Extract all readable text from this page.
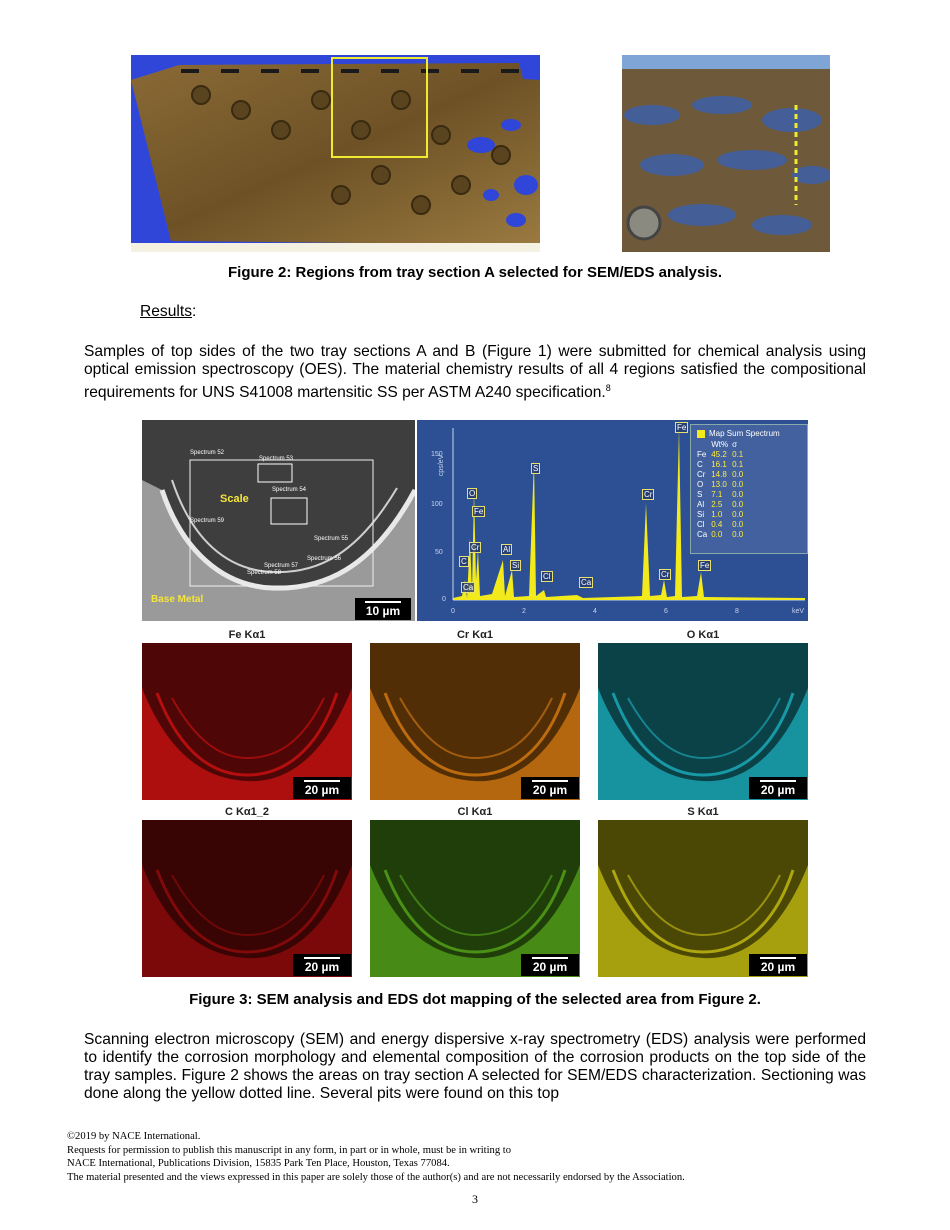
Figure 2: Regions from tray section A selected for SEM/EDS analysis.
Results:
Samples of top sides of the two tray sections A and B (Figure 1) were submitted for chemical analysis using optical emission spectroscopy (OES). The material chemistry results of all 4 regions satisfied the compositional requirements for UNS S41008 martensitic SS per ASTM A240 specification.$^8$
Spectrum 52
Spectrum 53
Spectrum 54
Spectrum 55
Spectrum 56
Spectrum 57
Spectrum 58
Spectrum 59
Scale
Base Metal
10 µm
cps/eV
150
100
50
0
0	2	4	6	8	keV
O
Fe
Cr
C
Ca
Al
Si
S
Cl
Ca
Cr
Cr
Fe
Fe
Map Sum Spectrum
	Wt%	σ
Fe	45.2	0.1
C	16.1	0.1
Cr	14.8	0.0
O	13.0	0.0
S	7.1	0.0
Al	2.5	0.0
Si	1.0	0.0
Cl	0.4	0.0
Ca	0.0	0.0
Fe Kα1	Cr Kα1	O Kα1
20 µm	20 µm	20 µm
C Kα1_2	Cl Kα1	S Kα1
20 µm	20 µm	20 µm
Figure 3: SEM analysis and EDS dot mapping of the selected area from Figure 2.
Scanning electron microscopy (SEM) and energy dispersive x-ray spectrometry (EDS) analysis were performed to identify the corrosion morphology and elemental composition of the corrosion products on the top side of the tray samples. Figure 2 shows the areas on tray section A selected for SEM/EDS characterization. Sectioning was done along the yellow dotted line. Several pits were found on this top
©2019 by NACE International.
Requests for permission to publish this manuscript in any form, in part or in whole, must be in writing to
NACE International, Publications Division, 15835 Park Ten Place, Houston, Texas 77084.
The material presented and the views expressed in this paper are solely those of the author(s) and are not necessarily endorsed by the Association.
3
